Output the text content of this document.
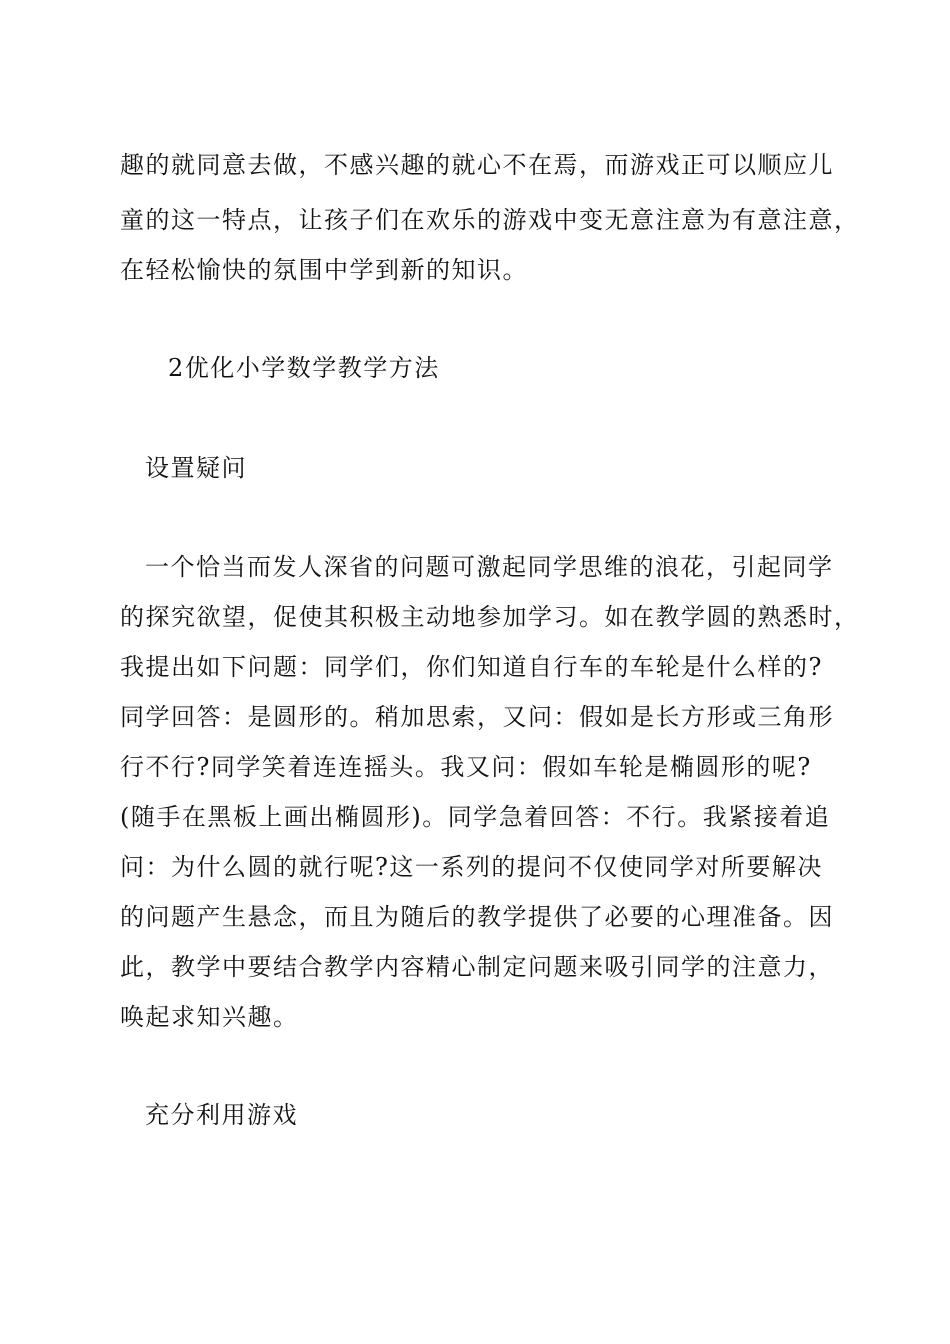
趣的就同意去做，不感兴趣的就心不在焉，而游戏正可以顺应儿
童的这一特点，让孩子们在欢乐的游戏中变无意注意为有意注意，
在轻松愉快的氛围中学到新的知识。
2优化小学数学教学方法
设置疑问
一个恰当而发人深省的问题可激起同学思维的浪花，引起同学
的探究欲望，促使其积极主动地参加学习。如在教学圆的熟悉时，
我提出如下问题：同学们，你们知道自行车的车轮是什么样的?
同学回答：是圆形的。稍加思索，又问：假如是长方形或三角形
行不行?同学笑着连连摇头。我又问：假如车轮是椭圆形的呢?
(随手在黑板上画出椭圆形)。同学急着回答：不行。我紧接着追
问：为什么圆的就行呢?这一系列的提问不仅使同学对所要解决
的问题产生悬念，而且为随后的教学提供了必要的心理准备。因
此，教学中要结合教学内容精心制定问题来吸引同学的注意力，
唤起求知兴趣。
充分利用游戏
